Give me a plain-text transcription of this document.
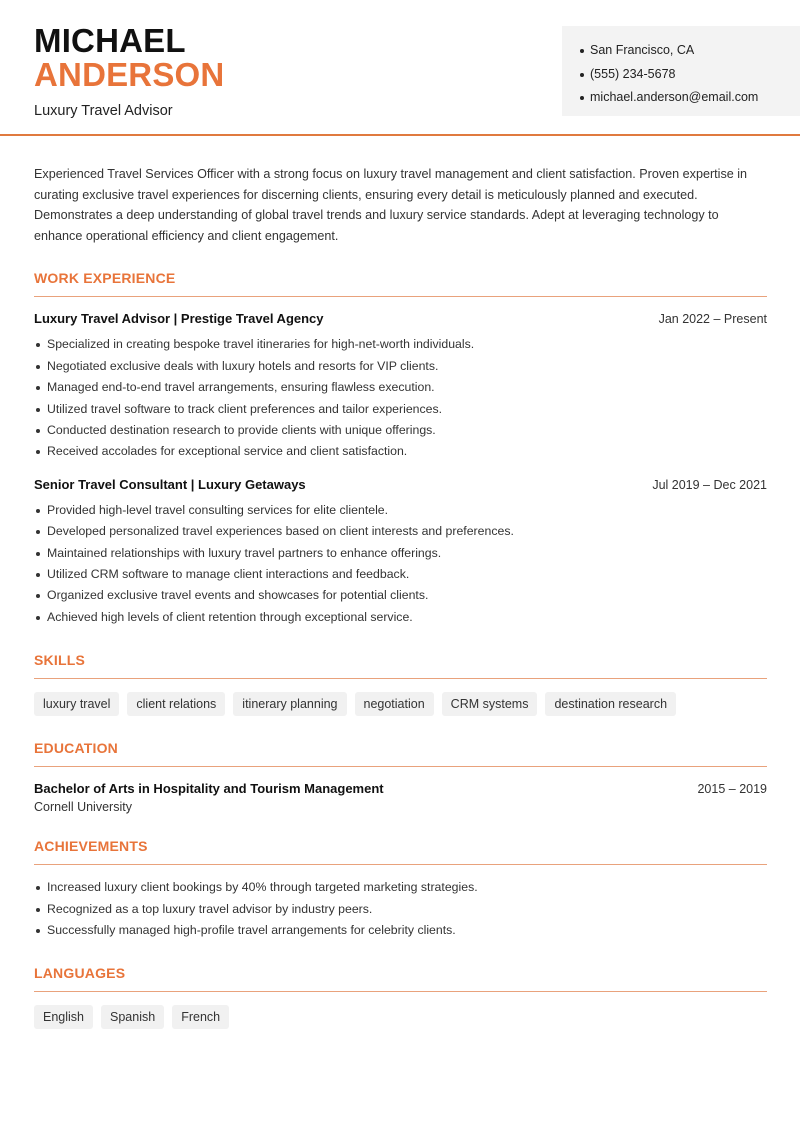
MICHAEL
ANDERSON
Luxury Travel Advisor
San Francisco, CA
(555) 234-5678
michael.anderson@email.com
Experienced Travel Services Officer with a strong focus on luxury travel management and client satisfaction. Proven expertise in curating exclusive travel experiences for discerning clients, ensuring every detail is meticulously planned and executed. Demonstrates a deep understanding of global travel trends and luxury service standards. Adept at leveraging technology to enhance operational efficiency and client engagement.
WORK EXPERIENCE
Luxury Travel Advisor | Prestige Travel Agency	Jan 2022 – Present
Specialized in creating bespoke travel itineraries for high-net-worth individuals.
Negotiated exclusive deals with luxury hotels and resorts for VIP clients.
Managed end-to-end travel arrangements, ensuring flawless execution.
Utilized travel software to track client preferences and tailor experiences.
Conducted destination research to provide clients with unique offerings.
Received accolades for exceptional service and client satisfaction.
Senior Travel Consultant | Luxury Getaways	Jul 2019 – Dec 2021
Provided high-level travel consulting services for elite clientele.
Developed personalized travel experiences based on client interests and preferences.
Maintained relationships with luxury travel partners to enhance offerings.
Utilized CRM software to manage client interactions and feedback.
Organized exclusive travel events and showcases for potential clients.
Achieved high levels of client retention through exceptional service.
SKILLS
luxury travel	client relations	itinerary planning	negotiation	CRM systems	destination research
EDUCATION
Bachelor of Arts in Hospitality and Tourism Management	2015 – 2019
Cornell University
ACHIEVEMENTS
Increased luxury client bookings by 40% through targeted marketing strategies.
Recognized as a top luxury travel advisor by industry peers.
Successfully managed high-profile travel arrangements for celebrity clients.
LANGUAGES
English	Spanish	French
